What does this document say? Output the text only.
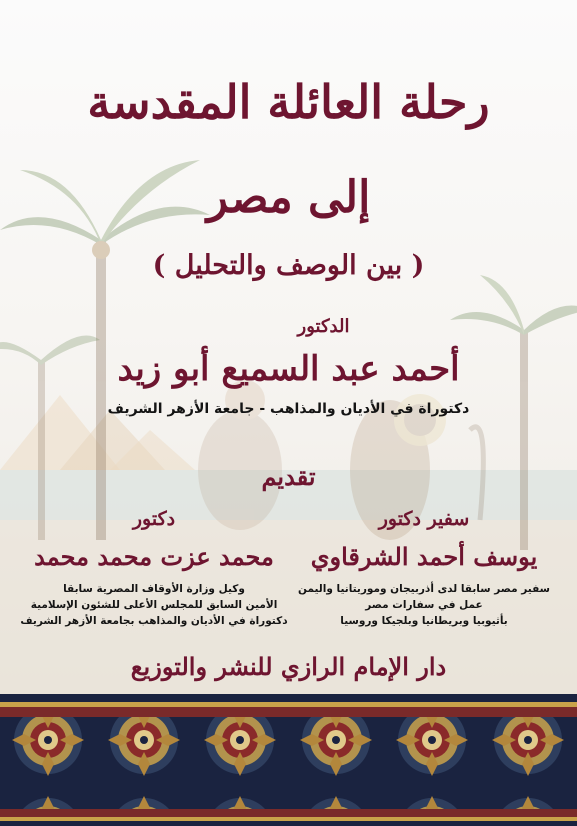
رحلة العائلة المقدسة
إلى مصر
( بين الوصف والتحليل )
الدكتور
أحمد عبد السميع أبو زيد
دكتوراة في الأديان والمذاهب - جامعة الأزهر الشريف
تقديم
سفير دكتور
يوسف أحمد الشرقاوي
سفير مصر سابقا لدى أذربيجان وموريتانيا واليمن
عمل في سفارات مصر
بأثيوبيا وبريطانيا وبلجيكا وروسيا
دكتور
محمد عزت محمد محمد
وكيل وزارة الأوقاف المصرية سابقا
الأمين السابق للمجلس الأعلى للشئون الإسلامية
دكتوراة في الأديان والمذاهب بجامعة الأزهر الشريف
دار الإمام الرازي للنشر والتوزيع
